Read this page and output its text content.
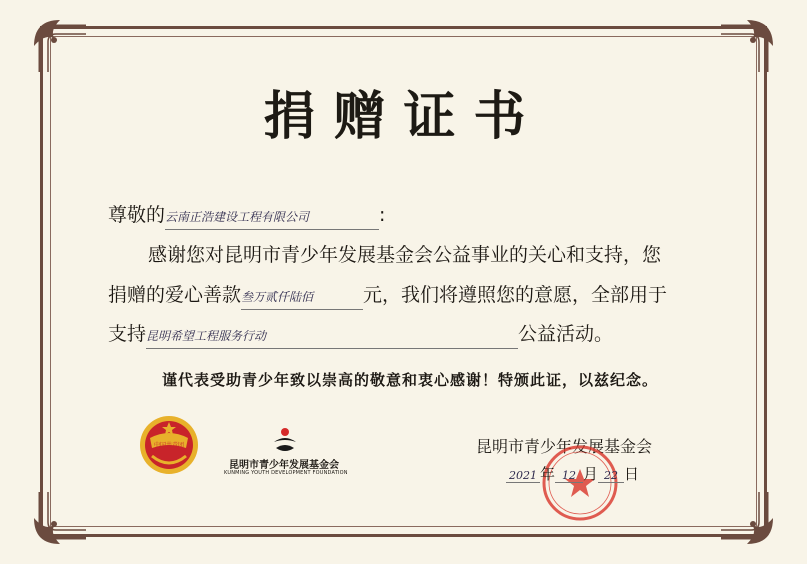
捐赠证书
尊敬的云南正浩建设工程有限公司	:
感谢您对昆明市青少年发展基金会公益事业的关心和支持，您
捐赠的爱心善款叁万贰仟陆佰	元，我们将遵照您的意愿，全部用于
支持昆明希望工程服务行动	公益活动。
谨代表受助青少年致以崇高的敬意和衷心感谢！特颁此证，以兹纪念。
中国共青团
昆明市青少年发展基金会
KUNMING YOUTH DEVELOPMENT FOUNDATION
昆明市青少年发展基金会
2021 年 12 月 22 日
